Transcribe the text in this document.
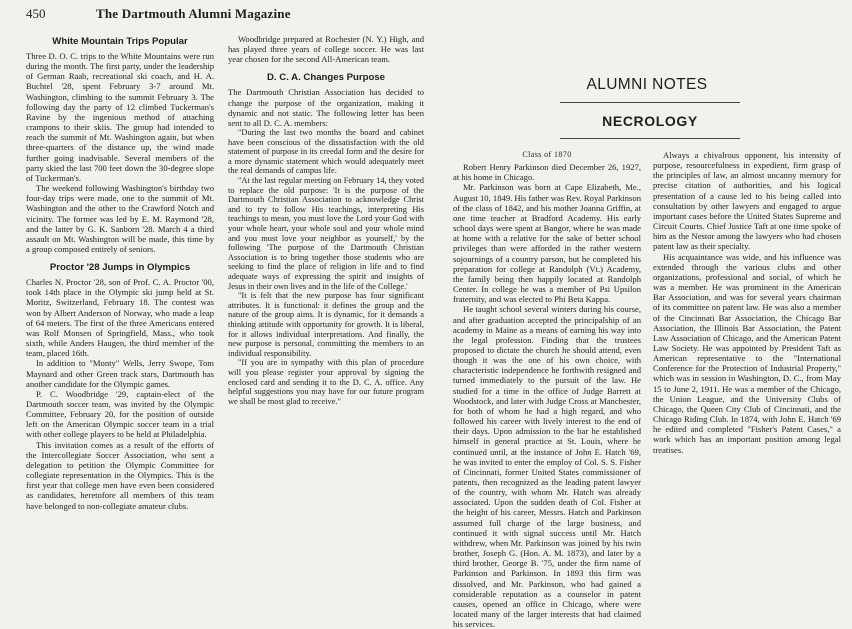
450	The Dartmouth Alumni Magazine
White Mountain Trips Popular

Three D. O. C. trips to the White Mountains were run during the month. The first party, under the leadership of German Raab, recreational ski coach, and H. A. Buchtel '28, spent February 3-7 around Mt. Washington, climbing to the summit February 3. The following day the party of 12 climbed Tuckerman's Ravine by the ingenious method of attaching crampons to their skiis. The group had intended to reach the summit of Mt. Washington again, but when three-quarters of the distance up, the wind made further going inadvisable. Several members of the party skied the last 700 feet down the 30-degree slope of Tuckerman's.

The weekend following Washington's birthday two four-day trips were made, one to the summit of Mt. Washington and the other to the Crawford Notch and vicinity. The former was led by E. M. Raymond '28, and the latter by G. K. Sanborn '28. March 4 a third assault on Mt. Washington will be made, this time by a group composed entirely of seniors.

Proctor '28 Jumps in Olympics

Charles N. Proctor '28, son of Prof. C. A. Proctor '00, took 14th place in the Olympic ski jump held at St. Moritz, Switzerland, February 18. The contest was won by Albert Anderson of Norway, who made a leap of 64 meters. The first of the three Americans entered was Rolf Monsen of Springfield, Mass., who took sixth, while Anders Haugen, the third member of the team, placed 16th.

In addition to "Monty" Wells, Jerry Swope, Tom Maynard and other Green track stars, Dartmouth has another candidate for the Olympic games.

P. C. Woodbridge '29, captain-elect of the Dartmouth soccer team, was invited by the Olympic Committee, February 20, for the position of outside left on the American Olympic soccer team in a trial with other college players to be held at Philadelphia.

This invitation comes as a result of the efforts of the Intercollegiate Soccer Association, who sent a delegation to petition the Olympic Committee for collegiate representation in the Olympics. This is the first year that college men have even been considered as candidates, heretofore all members of this team have belonged to non-collegiate amateur clubs.

Woodbridge prepared at Rochester (N. Y.) High, and has played three years of college soccer. He was last year chosen for the second All-American team.

D. C. A. Changes Purpose

The Dartmouth Christian Association has decided to change the purpose of the organization, making it dynamic and not static. The following letter has been sent to all D. C. A. members:

"During the last two months the board and cabinet have been conscious of the dissatisfaction with the old statement of purpose in its creedal form and the desire for a more dynamic statement which would adequately meet the real demands of campus life.

"At the last regular meeting on February 14, they voted to replace the old purpose: 'It is the purpose of the Dartmouth Christian Association to acknowledge Christ and to try to follow His teachings, interpreting His teachings to mean, you must love the Lord your God with your whole heart, your whole soul and your whole mind and you must love your neighbor as yourself,' by the following 'The purpose of the Dartmouth Christian Association is to bring together those students who are seeking to find the place of religion in life and to find adequate ways of expressing the spirit and insights of Jesus in their own lives and in the life of the College.'

"It is felt that the new purpose has four significant attributes. It is functional: it defines the group and the nature of the group aims. It is dynamic, for it demands a thinking attitude with opportunity for growth. It is liberal, for it allows individual interpretations. And finally, the new purpose is personal, committing the members to an individual responsibility.

"If you are in sympathy with this plan of procedure will you please register your approval by signing the enclosed card and sending it to the D. C. A. office. Any helpful suggestions you may have for our future program we shall be most glad to receive."

ALUMNI NOTES
NECROLOGY
Class of 1870

Robert Henry Parkinson died December 26, 1927, at his home in Chicago.

Mr. Parkinson was born at Cape Elizabeth, Me., August 10, 1849. His father was Rev. Royal Parkinson of the class of 1842, and his mother Joanna Griffin, at one time teacher at Bradford Academy. His early school days were spent at Bangor, where he was made at home with a relative for the sake of better school privileges than were afforded in the rather western sojournings of a country parson, but he completed his preparation for college at Randolph (Vt.) Academy, the family being then happily located at Randolph Center. In college he was a member of Psi Upsilon fraternity, and was elected to Phi Beta Kappa.

He taught school several winters during his course, and after graduation accepted the principalship of an academy in Maine as a means of earning his way into the legal profession. Finding that the trustees proposed to dictate the church he should attend, even though it was the one of his own choice, with characteristic independence he forthwith resigned and turned immediately to the pursuit of the law. He studied for a time in the office of Judge Barrett at Woodstock, and later with Judge Cross at Manchester, for both of whom he had a high regard, and who followed his career with lively interest to the end of their days. Upon admission to the bar he established himself in general practice at St. Louis, where he continued until, at the instance of John E. Hatch '69, he was invited to enter the employ of Col. S. S. Fisher of Cincinnati, former United States commissioner of patents, then recognized as the leading patent lawyer of the country, with whom Mr. Hatch was already associated. Upon the sudden death of Col. Fisher at the height of his career, Messrs. Hatch and Parkinson assumed full charge of the large business, and continued it with signal success until Mr. Hatch withdrew, when Mr. Parkinson was joined by his twin brother, Joseph G. (Hon. A. M. 1873), and later by a third brother, George B. '75, under the firm name of Parkinson and Parkinson. In 1893 this firm was dissolved, and Mr. Parkinson, who had gained a considerable reputation as a counselor in patent causes, opened an office in Chicago, where were located many of the larger interests that had claimed his services.

Always a chivalrous opponent, his intensity of purpose, resourcefulness in expedient, firm grasp of the principles of law, an almost uncanny memory for precise citation of authorities, and his logical presentation of a cause led to his being called into consultation by other lawyers and engaged to argue important cases before the United States Supreme and Circuit Courts. Chief Justice Taft at one time spoke of him as the Nestor among the lawyers who had chosen patent law as their specialty.

His acquaintance was wide, and his influence was extended through the various clubs and other organizations, professional and social, of which he was a member. He was prominent in the American Bar Association, and was for several years chairman of its committee on patent law. He was also a member of the Cincinnati Bar Association, the Chicago Bar Association, the Illinois Bar Association, the Patent Law Association of Chicago, and the American Patent Law Society. He was appointed by President Taft as American representative to the "International Conference for the Protection of Industrial Property," which was in session in Washington, D. C., from May 15 to June 2, 1911. He was a member of the Chicago, the Union League, and the University Clubs of Chicago, the Queen City Club of Cincinnati, and the Chicago Riding Club. In 1874, with John E. Hatch '69 he edited and completed "Fisher's Patent Cases," a work which has an important position among legal treatises.
